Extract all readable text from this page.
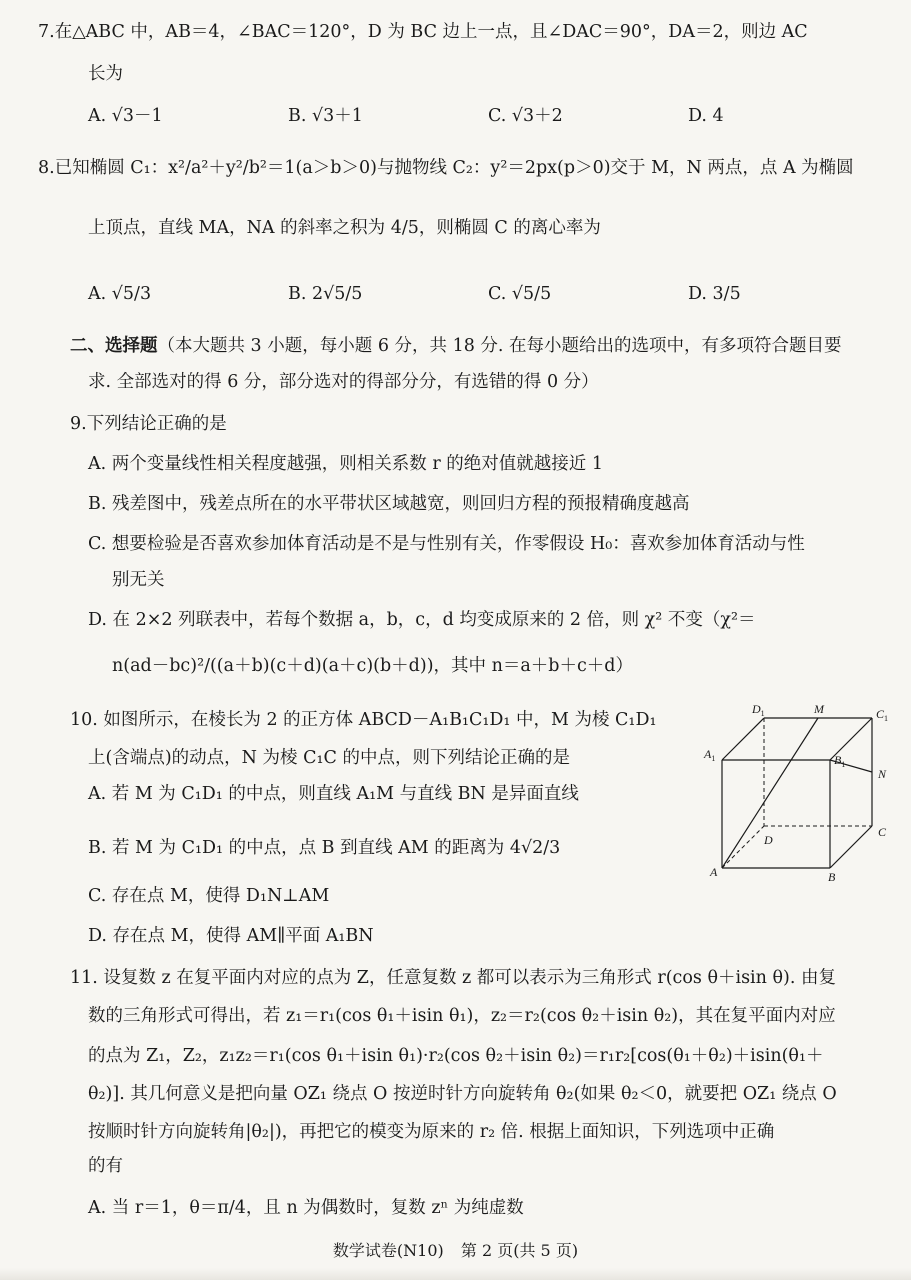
7.在△ABC 中，AB＝4，∠BAC＝120°，D 为 BC 边上一点，且∠DAC＝90°，DA＝2，则边 AC
长为
A. √3－1	B. √3＋1	C. √3＋2	D. 4
8.已知椭圆 C₁：x²/a²＋y²/b²＝1(a＞b＞0)与抛物线 C₂：y²＝2px(p＞0)交于 M，N 两点，点 A 为椭圆
上顶点，直线 MA，NA 的斜率之积为 4/5，则椭圆 C 的离心率为
A. √5/3	B. 2√5/5	C. √5/5	D. 3/5
二、选择题（本大题共 3 小题，每小题 6 分，共 18 分. 在每小题给出的选项中，有多项符合题目要
求. 全部选对的得 6 分，部分选对的得部分分，有选错的得 0 分）
9.下列结论正确的是
A. 两个变量线性相关程度越强，则相关系数 r 的绝对值就越接近 1
B. 残差图中，残差点所在的水平带状区域越宽，则回归方程的预报精确度越高
C. 想要检验是否喜欢参加体育活动是不是与性别有关，作零假设 H₀：喜欢参加体育活动与性
别无关
D. 在 2×2 列联表中，若每个数据 a，b，c，d 均变成原来的 2 倍，则 χ² 不变（χ²＝
n(ad－bc)²/((a＋b)(c＋d)(a＋c)(b＋d))，其中 n＝a＋b＋c＋d）
10. 如图所示，在棱长为 2 的正方体 ABCD－A₁B₁C₁D₁ 中，M 为棱 C₁D₁
上(含端点)的动点，N 为棱 C₁C 的中点，则下列结论正确的是
A. 若 M 为 C₁D₁ 的中点，则直线 A₁M 与直线 BN 是异面直线
B. 若 M 为 C₁D₁ 的中点，点 B 到直线 AM 的距离为 4√2/3
C. 存在点 M，使得 D₁N⊥AM
D. 存在点 M，使得 AM∥平面 A₁BN
$D_1$	M	$C_1$
$A_1$	$B_1$
N
D
C
A	B
11. 设复数 z 在复平面内对应的点为 Z，任意复数 z 都可以表示为三角形式 r(cos θ＋isin θ). 由复
数的三角形式可得出，若 z₁＝r₁(cos θ₁＋isin θ₁)，z₂＝r₂(cos θ₂＋isin θ₂)，其在复平面内对应
的点为 Z₁，Z₂，z₁z₂＝r₁(cos θ₁＋isin θ₁)·r₂(cos θ₂＋isin θ₂)＝r₁r₂[cos(θ₁＋θ₂)＋isin(θ₁＋
θ₂)]. 其几何意义是把向量 OZ₁ 绕点 O 按逆时针方向旋转角 θ₂(如果 θ₂＜0，就要把 OZ₁ 绕点 O
按顺时针方向旋转角|θ₂|)，再把它的模变为原来的 r₂ 倍. 根据上面知识，下列选项中正确
的有
A. 当 r＝1，θ＝π/4，且 n 为偶数时，复数 zⁿ 为纯虚数
数学试卷(N10) 第 2 页(共 5 页)
